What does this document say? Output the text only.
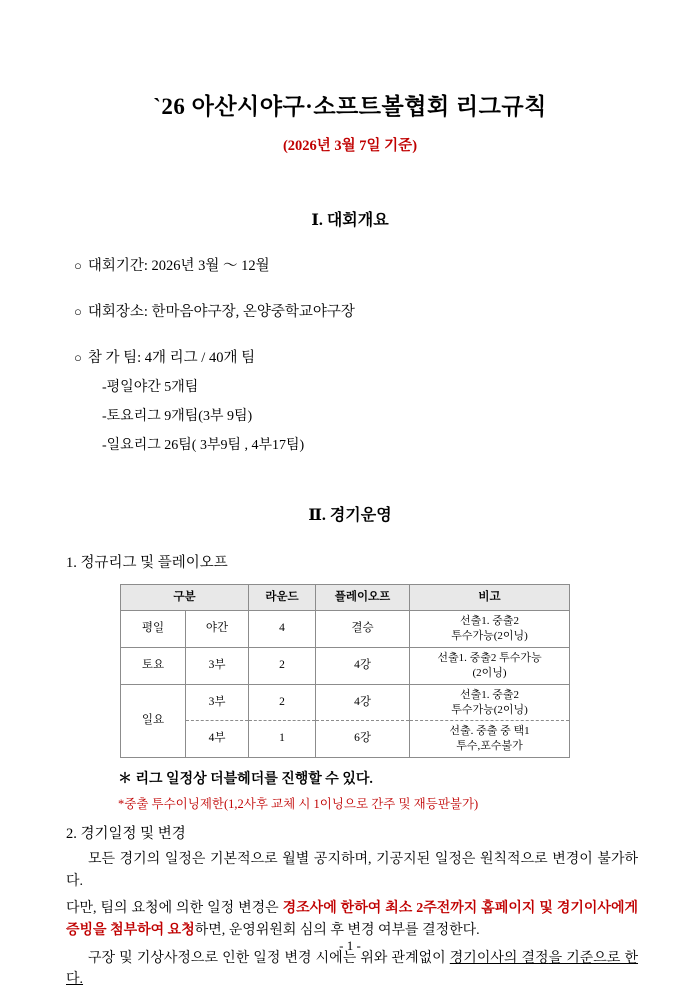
`26 아산시야구·소프트볼협회 리그규칙
(2026년 3월 7일 기준)
Ⅰ. 대회개요
○ 대회기간: 2026년 3월 ～ 12월
○ 대회장소: 한마음야구장, 온양중학교야구장
○ 참 가 팀: 4개 리그 / 40개 팀
-평일야간 5개팀
-토요리그 9개팀(3부 9팀)
-일요리그 26팀( 3부9팀 , 4부17팀)
Ⅱ. 경기운영
1. 정규리그 및 플레이오프
구분		라운드	플레이오프	비고
평일	야간	4	결승	선출1. 중출2
투수가능(2이닝)
토요	3부	2	4강	선출1. 중출2 투수가능
(2이닝)
일요	3부	2	4강	선출1. 중출2
투수가능(2이닝)
	4부	1	6강	선출. 중출 중 택1
투수,포수불가
＊ 리그 일정상 더블헤더를 진행할 수 있다.
*중출 투수이닝제한(1,2사후 교체 시 1이닝으로 간주 및 재등판불가)
2. 경기일정 및 변경

모든 경기의 일정은 기본적으로 월별 공지하며, 기공지된 일정은 원칙적으로 변경이 불가하다.

다만, 팀의 요청에 의한 일정 변경은 경조사에 한하여 최소 2주전까지 홈페이지 및 경기이사에게 증빙을 첨부하여 요청하면, 운영위원회 심의 후 변경 여부를 결정한다.

구장 및 기상사정으로 인한 일정 변경 시에는 위와 관계없이 경기이사의 결정을 기준으로 한다.

- 1 -
